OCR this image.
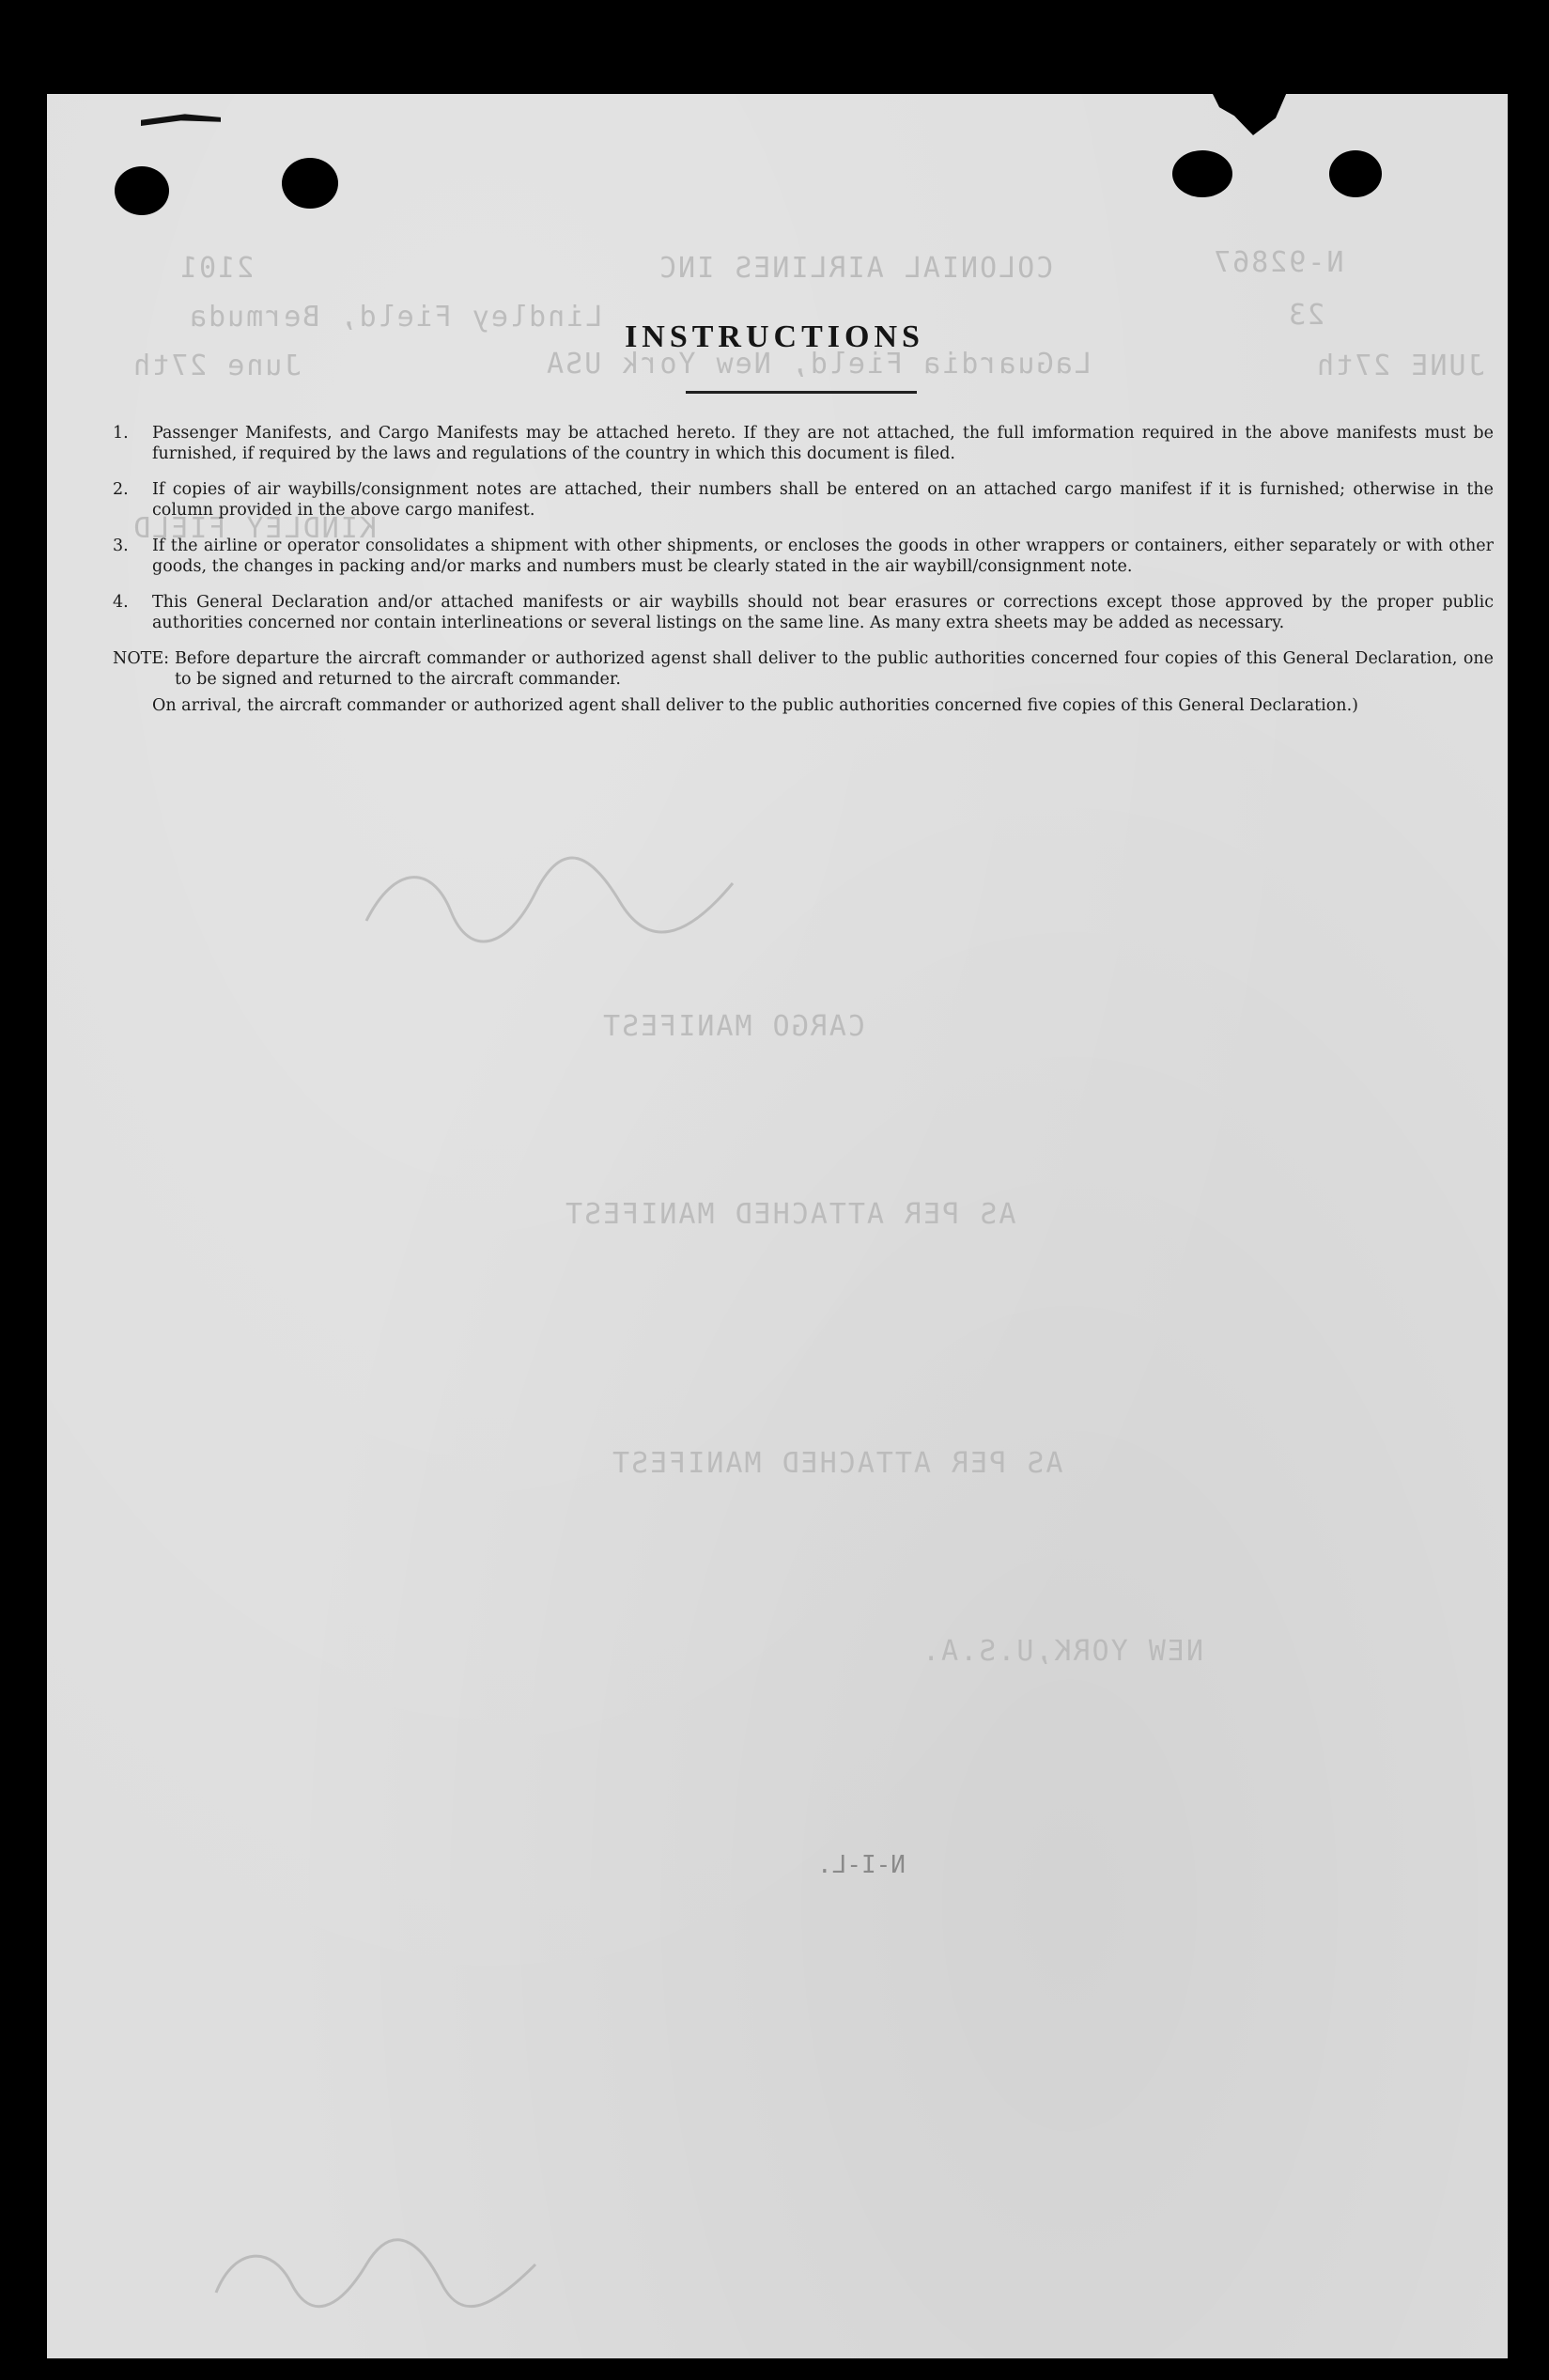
COLONIAL AIRLINES INC	N-92867
2101
23
Lindley Field, Bermuda
LaGuardia Field, New York USA
June 27th	JUNE 27th
KINDLEY FIELD
CARGO MANIFEST
AS PER ATTACHED MANIFEST
AS PER ATTACHED MANIFEST
NEW YORK,U.S.A.
N-I-L.
INSTRUCTIONS
1.	Passenger Manifests, and Cargo Manifests may be attached hereto. If they are not attached, the full imformation required in the above manifests must be furnished, if required by the laws and regulations of the country in which this document is filed.
2.	If copies of air waybills/consignment notes are attached, their numbers shall be entered on an attached cargo manifest if it is furnished; otherwise in the column provided in the above cargo manifest.
3.	If the airline or operator consolidates a shipment with other shipments, or encloses the goods in other wrappers or containers, either separately or with other goods, the changes in packing and/or marks and numbers must be clearly stated in the air waybill/consignment note.
4.	This General Declaration and/or attached manifests or air waybills should not bear erasures or corrections except those approved by the proper public authorities concerned nor contain interlineations or several listings on the same line. As many extra sheets may be added as necessary.
NOTE: Before departure the aircraft commander or authorized agenst shall deliver to the public authorities concerned four copies of this General Declaration, one to be signed and returned to the aircraft commander.
On arrival, the aircraft commander or authorized agent shall deliver to the public authorities concerned five copies of this General Declaration.)
